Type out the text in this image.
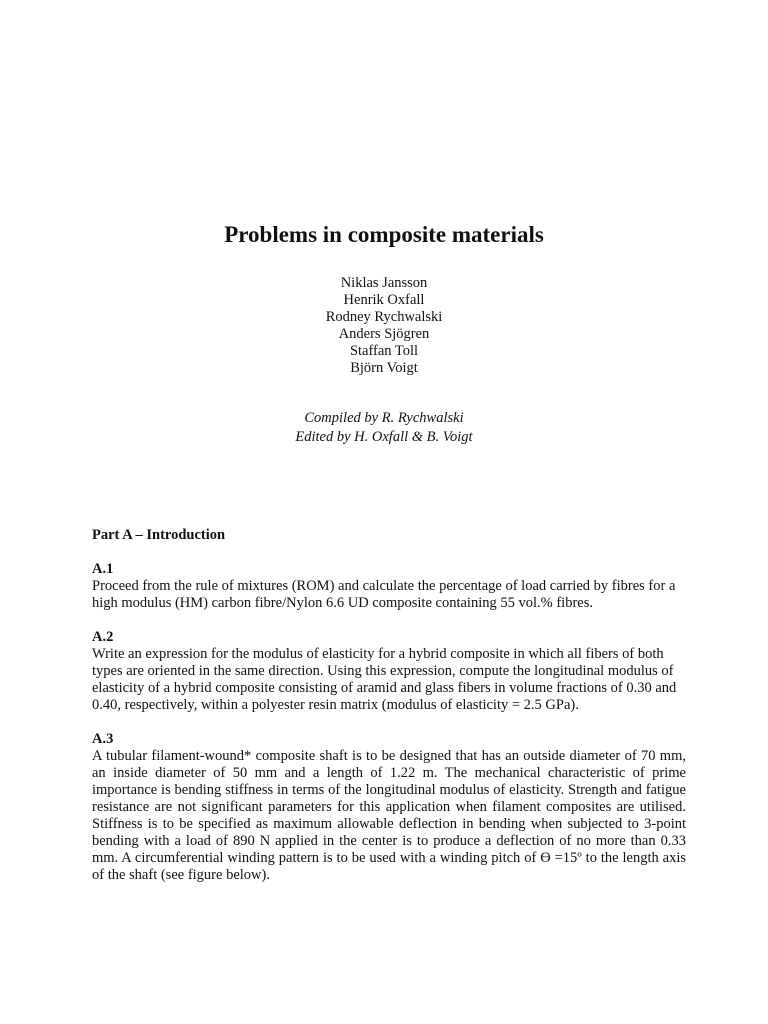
Problems in composite materials
Niklas Jansson
Henrik Oxfall
Rodney Rychwalski
Anders Sjögren
Staffan Toll
Björn Voigt
Compiled by R. Rychwalski
Edited by H. Oxfall & B. Voigt

Part A – Introduction

A.1
Proceed from the rule of mixtures (ROM) and calculate the percentage of load carried by fibres for a high modulus (HM) carbon fibre/Nylon 6.6 UD composite containing 55 vol.% fibres.
A.2
Write an expression for the modulus of elasticity for a hybrid composite in which all fibers of both types are oriented in the same direction. Using this expression, compute the longitudinal modulus of elasticity of a hybrid composite consisting of aramid and glass fibers in volume fractions of 0.30 and 0.40, respectively, within a polyester resin matrix (modulus of elasticity = 2.5 GPa).
A.3
A tubular filament-wound* composite shaft is to be designed that has an outside diameter of 70 mm, an inside diameter of 50 mm and a length of 1.22 m. The mechanical characteristic of prime importance is bending stiffness in terms of the longitudinal modulus of elasticity. Strength and fatigue resistance are not significant parameters for this application when filament composites are utilised. Stiffness is to be specified as maximum allowable deflection in bending when subjected to 3-point bending with a load of 890 N applied in the center is to produce a deflection of no more than 0.33 mm. A circumferential winding pattern is to be used with a winding pitch of ϴ =15º to the length axis of the shaft (see figure below).
